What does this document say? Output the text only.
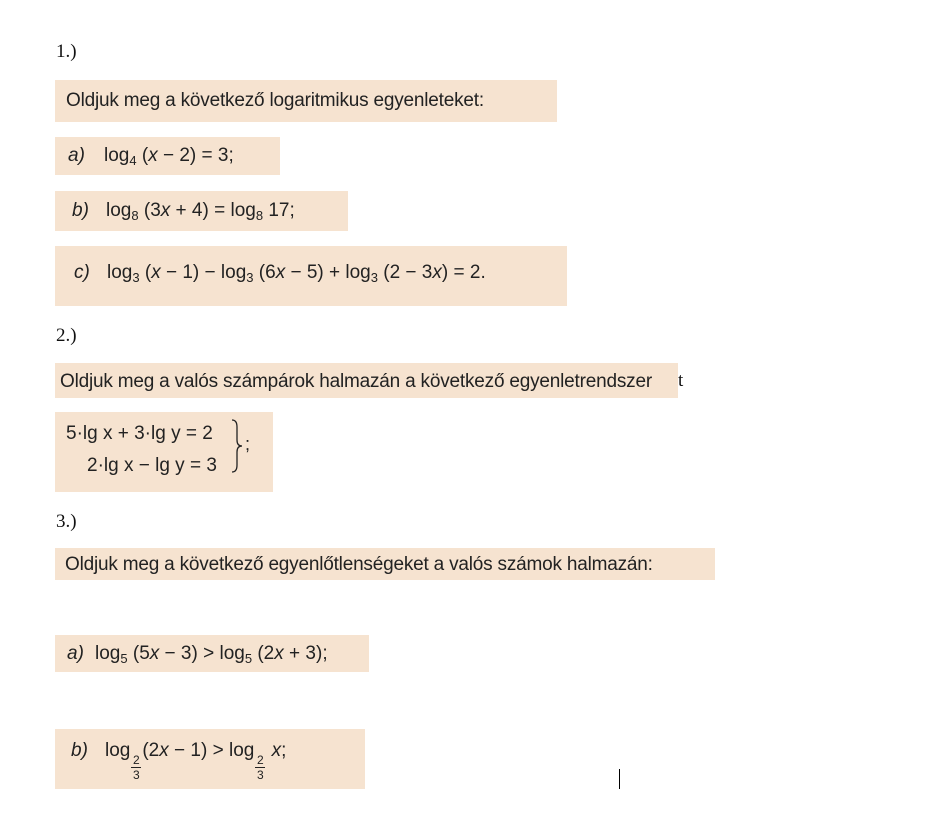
1.)
Oldjuk meg a következő logaritmikus egyenleteket:
a) $\log_4 (x - 2) = 3$;
b) $\log_8 (3x + 4) = \log_8 17$;
c) $\log_3 (x - 1) - \log_3 (6x - 5) + \log_3 (2 - 3x) = 2$.
2.)
Oldjuk meg a valós számpárok halmazán a következő egyenletrendszer t
5·lg x + 3·lg y = 2
2·lg x − lg y = 3
;
3.)
Oldjuk meg a következő egyenlőtlenségeket a valós számok halmazán:
a) $\log_5 (5x - 3) > \log_5 (2x + 3)$;
b) log
$\frac{2}{3}$
(2x − 1) > log
$\frac{2}{3}$
x;
